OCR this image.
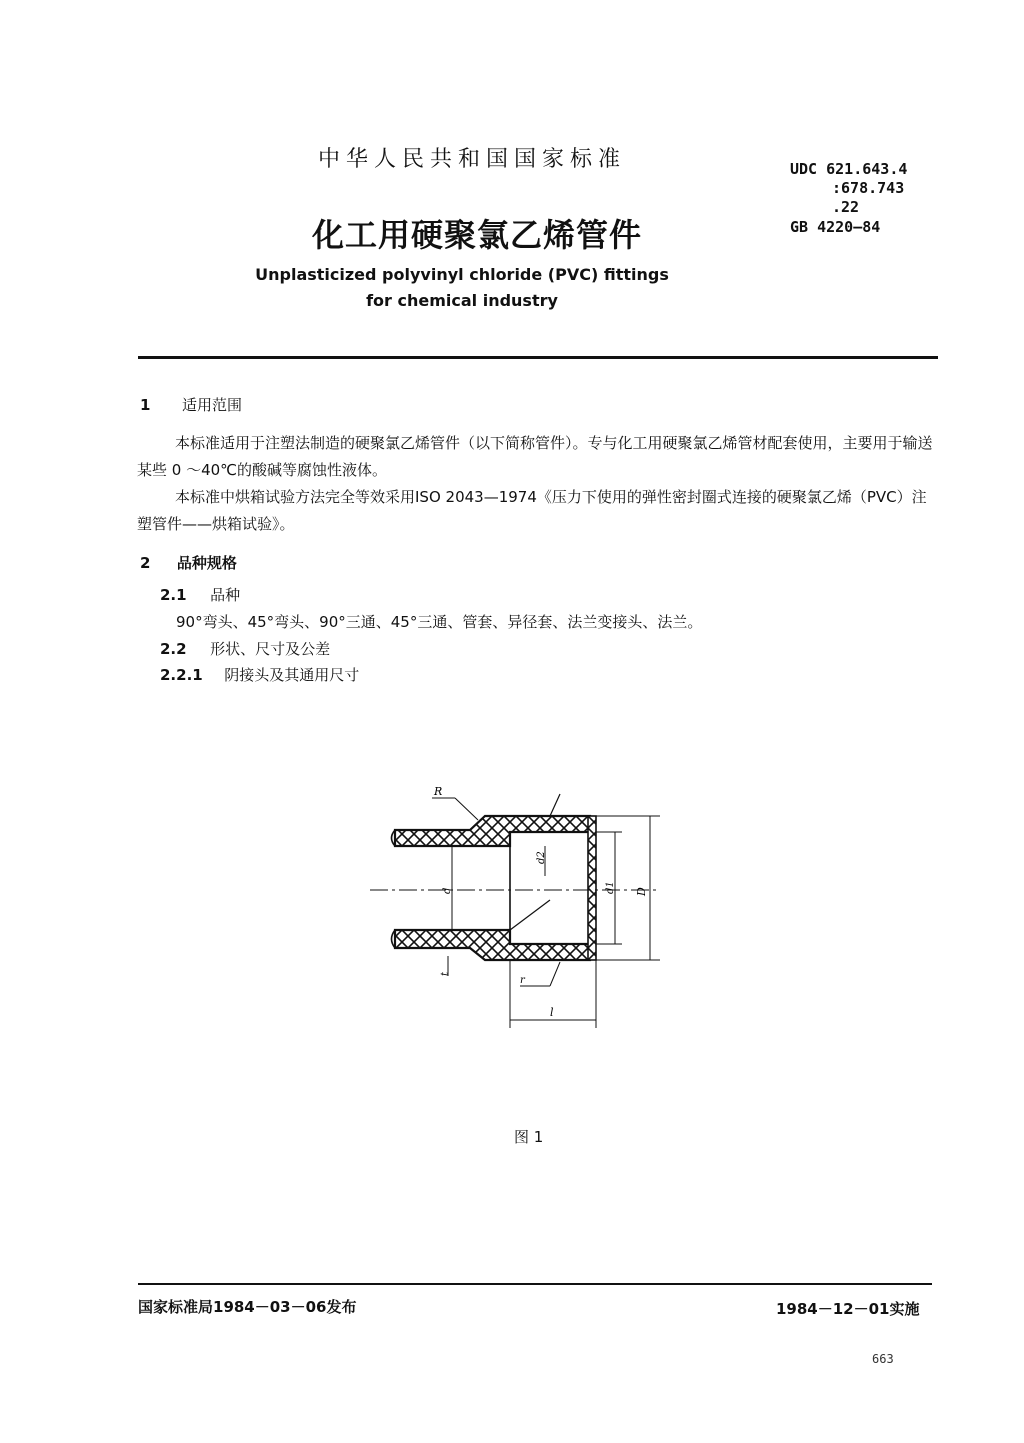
中华人民共和国国家标准	UDC 621.643.4
:678.743
.22
GB 4220—84
化工用硬聚氯乙烯管件
Unplasticized polyvinyl chloride (PVC) fittings
for chemical industry
1 适用范围
本标准适用于注塑法制造的硬聚氯乙烯管件（以下简称管件）。专与化工用硬聚氯乙烯管材配套使用，主要用于输送某些 0 ～40℃的酸碱等腐蚀性液体。
本标准中烘箱试验方法完全等效采用ISO 2043—1974《压力下使用的弹性密封圈式连接的硬聚氯乙烯（PVC）注塑管件——烘箱试验》。
2 品种规格
2.1 品种
90°弯头、45°弯头、90°三通、45°三通、管套、异径套、法兰变接头、法兰。
2.2 形状、尺寸及公差
2.2.1 阴接头及其通用尺寸
R
D
d1
d2
d
t
r
l
图 1
国家标准局1984－03－06发布	1984－12－01实施
663
